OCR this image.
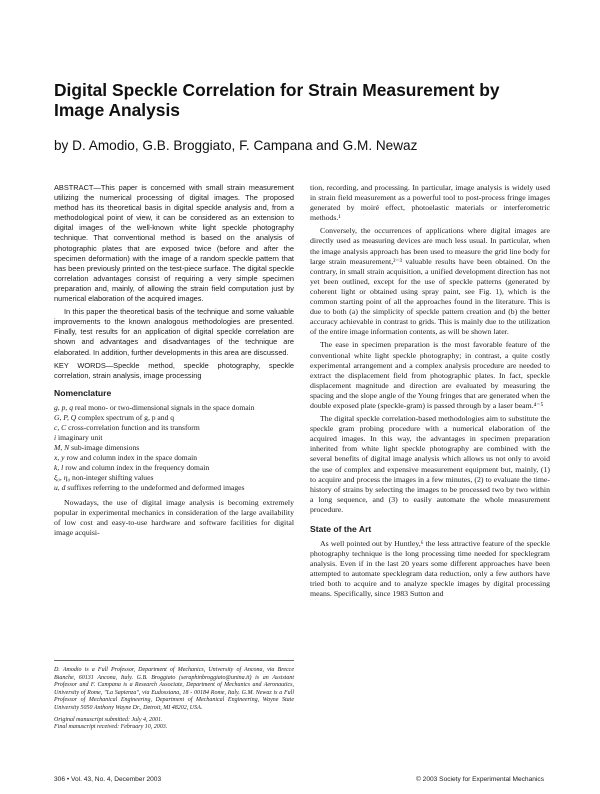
Digital Speckle Correlation for Strain Measurement by Image Analysis

by D. Amodio, G.B. Broggiato, F. Campana and G.M. Newaz

ABSTRACT—This paper is concerned with small strain measurement utilizing the numerical processing of digital images. The proposed method has its theoretical basis in digital speckle analysis and, from a methodological point of view, it can be considered as an extension to digital images of the well-known white light speckle photography technique. That conventional method is based on the analysis of photographic plates that are exposed twice (before and after the specimen deformation) with the image of a random speckle pattern that has been previously printed on the test-piece surface. The digital speckle correlation advantages consist of requiring a very simple specimen preparation and, mainly, of allowing the strain field computation just by numerical elaboration of the acquired images.

In this paper the theoretical basis of the technique and some valuable improvements to the known analogous methodologies are presented. Finally, test results for an application of digital speckle correlation are shown and advantages and disadvantages of the technique are elaborated. In addition, further developments in this area are discussed.

KEY WORDS—Speckle method, speckle photography, speckle correlation, strain analysis, image processing

Nomenclature

g, p, q real mono- or two-dimensional signals in the space domain
G, P, Q complex spectrum of g, p and q
c, C cross-correlation function and its transform
i imaginary unit
M, N sub-image dimensions
x, y row and column index in the space domain
k, l row and column index in the frequency domain
ξ₀, η₀ non-integer shifting values
u, d suffixes referring to the undeformed and deformed images

Nowadays, the use of digital image analysis is becoming extremely popular in experimental mechanics in consideration of the large availability of low cost and easy-to-use hardware and software facilities for digital image acquisi-

D. Amodio is a Full Professor, Department of Mechanics, University of Ancona, via Brecce Bianche, 60131 Ancona, Italy. G.B. Broggiato (seraphinbroggiato@unina.it) is an Assistant Professor and F. Campana is a Research Associate, Department of Mechanics and Aeronautics, University of Rome, "La Sapienza", via Eudossiana, 18 - 00184 Rome, Italy. G.M. Newaz is a Full Professor of Mechanical Engineering, Department of Mechanical Engineering, Wayne State University 5050 Anthony Wayne Dr., Detroit, MI 48202, USA.

Original manuscript submitted: July 4, 2001.

Final manuscript received: February 10, 2003.

tion, recording, and processing. In particular, image analysis is widely used in strain field measurement as a powerful tool to post-process fringe images generated by moiré effect, photoelastic materials or interferometric methods.¹

Conversely, the occurrences of applications where digital images are directly used as measuring devices are much less usual. In particular, when the image analysis approach has been used to measure the grid line body for large strain measurement,²⁻³ valuable results have been obtained. On the contrary, in small strain acquisition, a unified development direction has not yet been outlined, except for the use of speckle patterns (generated by coherent light or obtained using spray paint, see Fig. 1), which is the common starting point of all the approaches found in the literature. This is due to both (a) the simplicity of speckle pattern creation and (b) the better accuracy achievable in contrast to grids. This is mainly due to the utilization of the entire image information contents, as will be shown later.

The ease in specimen preparation is the most favorable feature of the conventional white light speckle photography; in contrast, a quite costly experimental arrangement and a complex analysis procedure are needed to extract the displacement field from photographic plates. In fact, speckle displacement magnitude and direction are evaluated by measuring the spacing and the slope angle of the Young fringes that are generated when the double exposed plate (speckle-gram) is passed through by a laser beam.⁴⁻⁵

The digital speckle correlation-based methodologies aim to substitute the speckle gram probing procedure with a numerical elaboration of the acquired images. In this way, the advantages in specimen preparation inherited from white light speckle photography are combined with the several benefits of digital image analysis which allows us not only to avoid the use of complex and expensive measurement equipment but, mainly, (1) to acquire and process the images in a few minutes, (2) to evaluate the time-history of strains by selecting the images to be processed two by two within a long sequence, and (3) to easily automate the whole measurement procedure.

State of the Art

As well pointed out by Huntley,⁶ the less attractive feature of the speckle photography technique is the long processing time needed for specklegram analysis. Even if in the last 20 years some different approaches have been attempted to automate specklegram data reduction, only a few authors have tried both to acquire and to analyze speckle images by digital processing means. Specifically, since 1983 Sutton and

306 • Vol. 43, No. 4, December 2003	© 2003 Society for Experimental Mechanics
